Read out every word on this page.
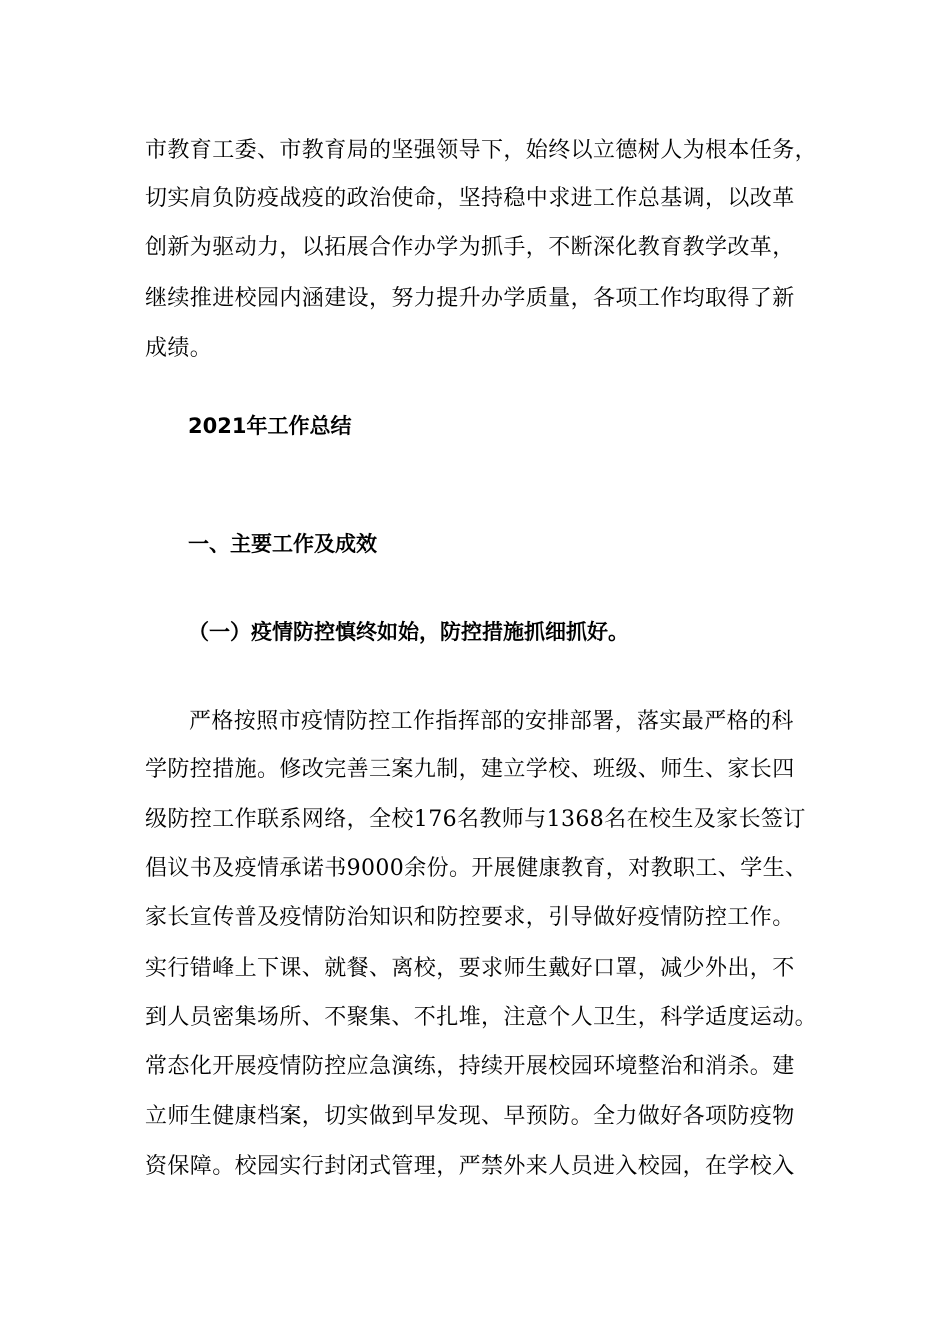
市教育工委、市教育局的坚强领导下，始终以立德树人为根本任务，
切实肩负防疫战疫的政治使命，坚持稳中求进工作总基调，以改革
创新为驱动力，以拓展合作办学为抓手，不断深化教育教学改革，
继续推进校园内涵建设，努力提升办学质量，各项工作均取得了新
成绩。
2021年工作总结
一、主要工作及成效
（一）疫情防控慎终如始，防控措施抓细抓好。
严格按照市疫情防控工作指挥部的安排部署，落实最严格的科
学防控措施。修改完善三案九制，建立学校、班级、师生、家长四
级防控工作联系网络，全校176名教师与1368名在校生及家长签订
倡议书及疫情承诺书9000余份。开展健康教育，对教职工、学生、
家长宣传普及疫情防治知识和防控要求，引导做好疫情防控工作。
实行错峰上下课、就餐、离校，要求师生戴好口罩，减少外出，不
到人员密集场所、不聚集、不扎堆，注意个人卫生，科学适度运动。
常态化开展疫情防控应急演练，持续开展校园环境整治和消杀。建
立师生健康档案，切实做到早发现、早预防。全力做好各项防疫物
资保障。校园实行封闭式管理，严禁外来人员进入校园，在学校入
